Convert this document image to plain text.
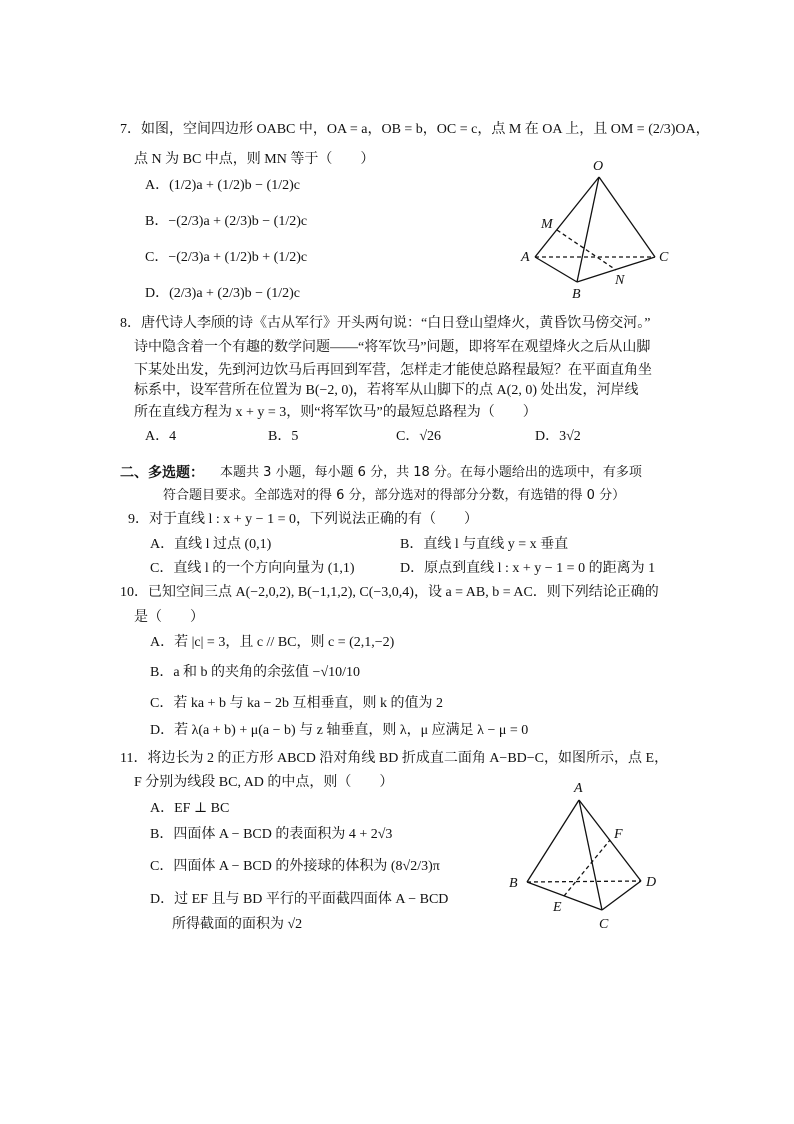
7．如图，空间四边形 OABC 中，OA = a，OB = b，OC = c，点 M 在 OA 上，且 OM = (2/3)OA，
点 N 为 BC 中点，则 MN 等于（　　）
A．(1/2)a + (1/2)b − (1/2)c
B．−(2/3)a + (2/3)b − (1/2)c
C．−(2/3)a + (1/2)b + (1/2)c
D．(2/3)a + (2/3)b − (1/2)c
O
M
A	C
N
B
8．唐代诗人李颀的诗《古从军行》开头两句说：“白日登山望烽火，黄昏饮马傍交河。”
诗中隐含着一个有趣的数学问题——“将军饮马”问题，即将军在观望烽火之后从山脚
下某处出发，先到河边饮马后再回到军营，怎样走才能使总路程最短？在平面直角坐
标系中，设军营所在位置为 B(−2, 0)，若将军从山脚下的点 A(2, 0) 处出发，河岸线
所在直线方程为 x + y = 3，则“将军饮马”的最短总路程为（　　）
A．4	B．5	C．√26	D．3√2
二、多选题： 本题共 3 小题，每小题 6 分，共 18 分。在每小题给出的选项中，有多项
符合题目要求。全部选对的得 6 分，部分选对的得部分分数，有选错的得 0 分）
9．对于直线 l : x + y − 1 = 0，下列说法正确的有（　　）
A．直线 l 过点 (0,1)	B．直线 l 与直线 y = x 垂直
C．直线 l 的一个方向向量为 (1,1)	D．原点到直线 l : x + y − 1 = 0 的距离为 1
10．已知空间三点 A(−2,0,2), B(−1,1,2), C(−3,0,4)，设 a = AB, b = AC．则下列结论正确的
是（　　）
A．若 |c| = 3，且 c // BC，则 c = (2,1,−2)
B．a 和 b 的夹角的余弦值 −√10/10
C．若 ka + b 与 ka − 2b 互相垂直，则 k 的值为 2
D．若 λ(a + b) + μ(a − b) 与 z 轴垂直，则 λ，μ 应满足 λ − μ = 0
11．将边长为 2 的正方形 ABCD 沿对角线 BD 折成直二面角 A−BD−C，如图所示，点 E，
F 分别为线段 BC, AD 的中点，则（　　）
A．EF ⊥ BC
B．四面体 A − BCD 的表面积为 4 + 2√3
C．四面体 A − BCD 的外接球的体积为 (8√2/3)π
D．过 EF 且与 BD 平行的平面截四面体 A − BCD
所得截面的面积为 √2
A
F
B	D
E
C
